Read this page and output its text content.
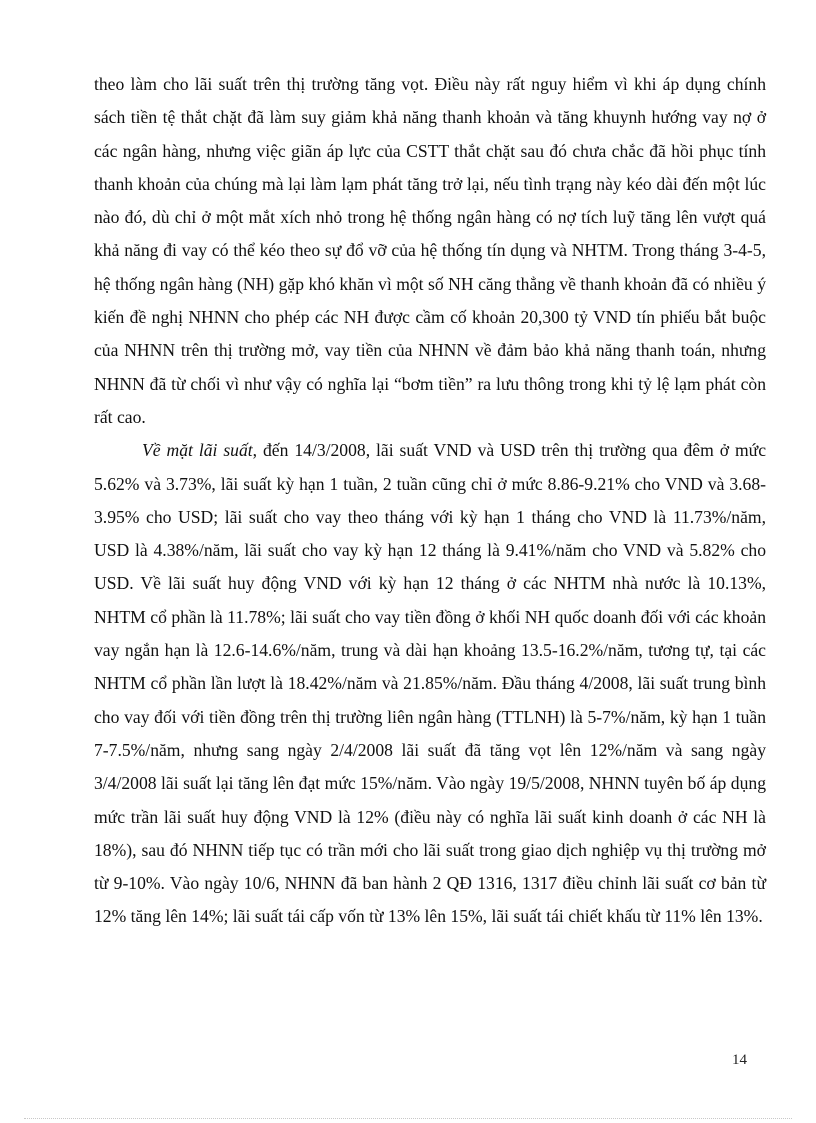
theo làm cho lãi suất trên thị trường tăng vọt. Điều này rất nguy hiểm vì khi áp dụng chính sách tiền tệ thắt chặt đã làm suy giảm khả năng thanh khoản và tăng khuynh hướng vay nợ ở các ngân hàng, nhưng việc giãn áp lực của CSTT thắt chặt sau đó chưa chắc đã hồi phục tính thanh khoản của chúng mà lại làm lạm phát tăng trở lại, nếu tình trạng này kéo dài đến một lúc nào đó, dù chỉ ở một mắt xích nhỏ trong hệ thống ngân hàng có nợ tích luỹ tăng lên vượt quá khả năng đi vay có thể kéo theo sự đổ vỡ của hệ thống tín dụng và NHTM. Trong tháng 3-4-5, hệ thống ngân hàng (NH) gặp khó khăn vì một số NH căng thẳng về thanh khoản đã có nhiều ý kiến đề nghị NHNN cho phép các NH được cầm cố khoản 20,300 tỷ VND tín phiếu bắt buộc của NHNN trên thị trường mở, vay tiền của NHNN về đảm bảo khả năng thanh toán, nhưng NHNN đã từ chối vì như vậy có nghĩa lại “bơm tiền” ra lưu thông trong khi tỷ lệ lạm phát còn rất cao.

Về mặt lãi suất, đến 14/3/2008, lãi suất VND và USD trên thị trường qua đêm ở mức 5.62% và 3.73%, lãi suất kỳ hạn 1 tuần, 2 tuần cũng chỉ ở mức 8.86-9.21% cho VND và 3.68-3.95% cho USD; lãi suất cho vay theo tháng với kỳ hạn 1 tháng cho VND là 11.73%/năm, USD là 4.38%/năm, lãi suất cho vay kỳ hạn 12 tháng là 9.41%/năm cho VND và 5.82% cho USD. Về lãi suất huy động VND với kỳ hạn 12 tháng ở các NHTM nhà nước là 10.13%, NHTM cổ phần là 11.78%; lãi suất cho vay tiền đồng ở khối NH quốc doanh đối với các khoản vay ngắn hạn là 12.6-14.6%/năm, trung và dài hạn khoảng 13.5-16.2%/năm, tương tự, tại các NHTM cổ phần lần lượt là 18.42%/năm và 21.85%/năm. Đầu tháng 4/2008, lãi suất trung bình cho vay đối với tiền đồng trên thị trường liên ngân hàng (TTLNH) là 5-7%/năm, kỳ hạn 1 tuần 7-7.5%/năm, nhưng sang ngày 2/4/2008 lãi suất đã tăng vọt lên 12%/năm và sang ngày 3/4/2008 lãi suất lại tăng lên đạt mức 15%/năm. Vào ngày 19/5/2008, NHNN tuyên bố áp dụng mức trần lãi suất huy động VND là 12% (điều này có nghĩa lãi suất kinh doanh ở các NH là 18%), sau đó NHNN tiếp tục có trần mới cho lãi suất trong giao dịch nghiệp vụ thị trường mở từ 9-10%. Vào ngày 10/6, NHNN đã ban hành 2 QĐ 1316, 1317 điều chỉnh lãi suất cơ bản từ 12% tăng lên 14%; lãi suất tái cấp vốn từ 13% lên 15%, lãi suất tái chiết khấu từ 11% lên 13%.

14
